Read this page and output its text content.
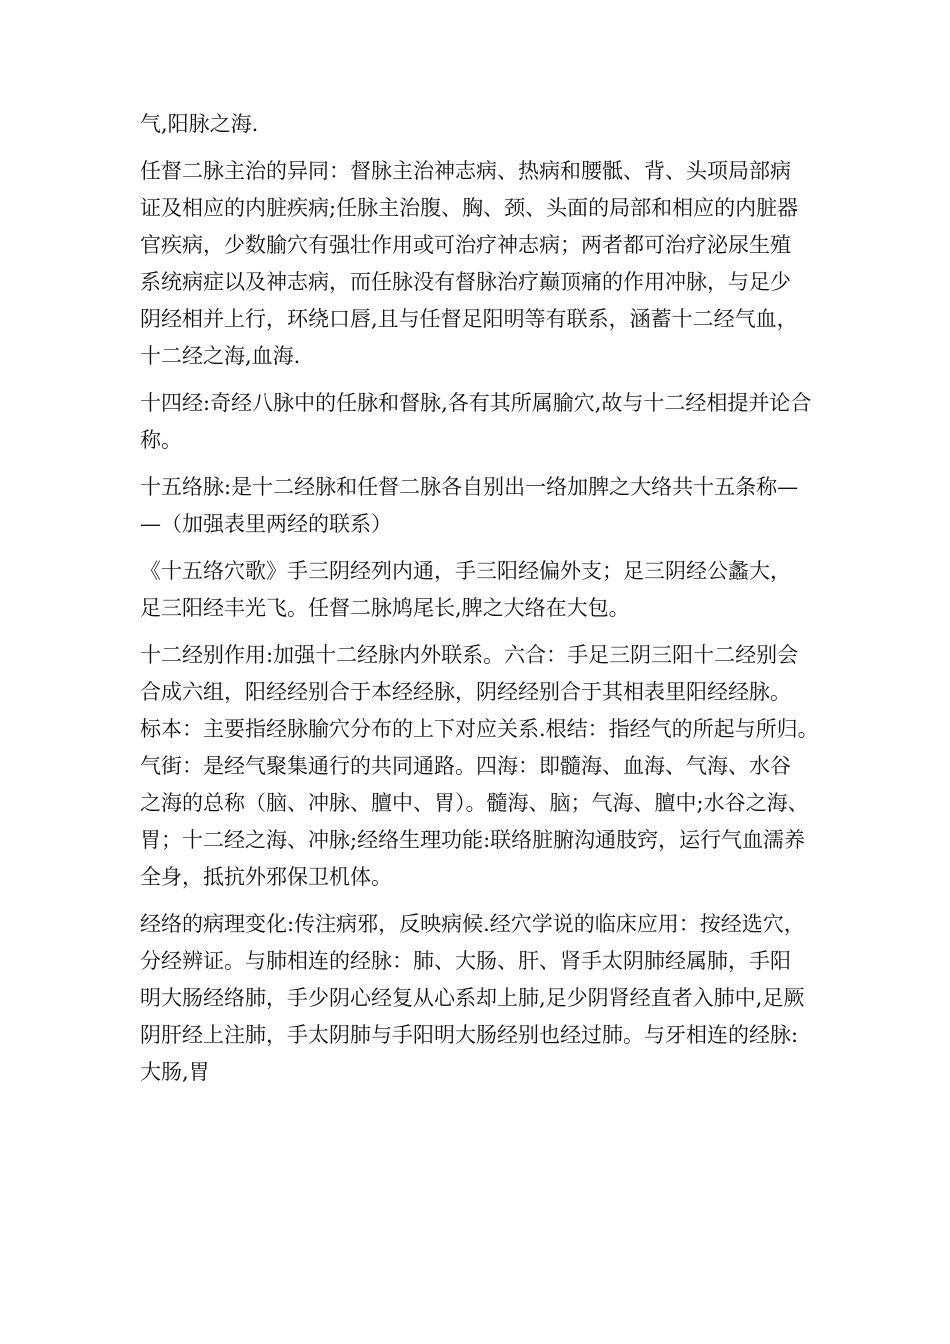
气,阳脉之海.
任督二脉主治的异同：督脉主治神志病、热病和腰骶、背、头项局部病
证及相应的内脏疾病;任脉主治腹、胸、颈、头面的局部和相应的内脏器
官疾病，少数腧穴有强壮作用或可治疗神志病；两者都可治疗泌尿生殖
系统病症以及神志病，而任脉没有督脉治疗巅顶痛的作用冲脉，与足少
阴经相并上行，环绕口唇,且与任督足阳明等有联系，涵蓄十二经气血，
十二经之海,血海.
十四经:奇经八脉中的任脉和督脉,各有其所属腧穴,故与十二经相提并论合
称。
十五络脉:是十二经脉和任督二脉各自别出一络加脾之大络共十五条称—
—（加强表里两经的联系）
《十五络穴歌》手三阴经列内通，手三阳经偏外支；足三阴经公蠡大，
足三阳经丰光飞。任督二脉鸠尾长,脾之大络在大包。
十二经别作用:加强十二经脉内外联系。六合：手足三阴三阳十二经别会
合成六组，阳经经别合于本经经脉，阴经经别合于其相表里阳经经脉。
标本：主要指经脉腧穴分布的上下对应关系.根结：指经气的所起与所归。
气街：是经气聚集通行的共同通路。四海：即髓海、血海、气海、水谷
之海的总称（脑、冲脉、膻中、胃）。髓海、脑；气海、膻中;水谷之海、
胃；十二经之海、冲脉;经络生理功能:联络脏腑沟通肢窍，运行气血濡养
全身，抵抗外邪保卫机体。
经络的病理变化:传注病邪，反映病候.经穴学说的临床应用：按经选穴，
分经辨证。与肺相连的经脉：肺、大肠、肝、肾手太阴肺经属肺，手阳
明大肠经络肺，手少阴心经复从心系却上肺,足少阴肾经直者入肺中,足厥
阴肝经上注肺，手太阴肺与手阳明大肠经别也经过肺。与牙相连的经脉:
大肠,胃
